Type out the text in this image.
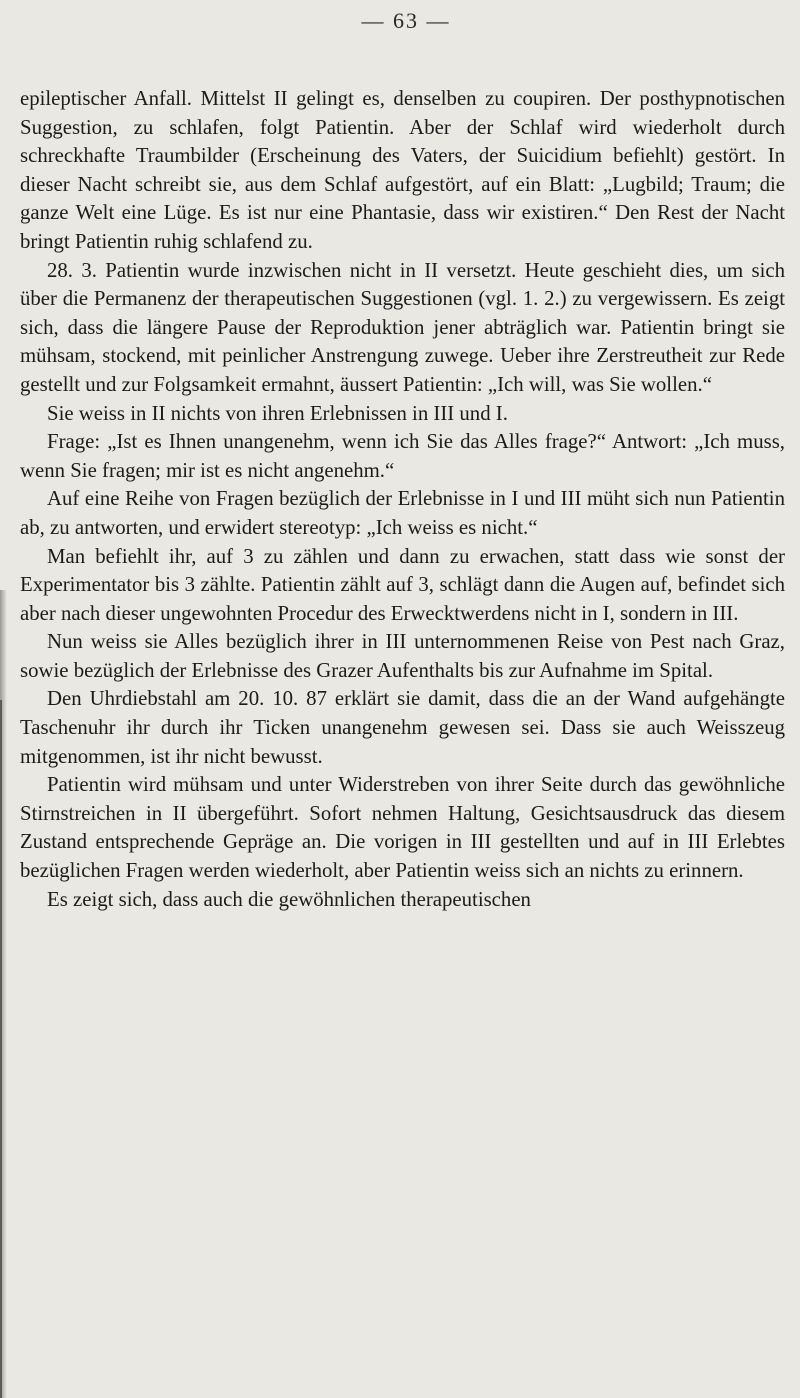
— 63 —

epileptischer Anfall. Mittelst II gelingt es, denselben zu coupiren. Der posthypnotischen Suggestion, zu schlafen, folgt Patientin. Aber der Schlaf wird wiederholt durch schreckhafte Traumbilder (Erscheinung des Vaters, der Suicidium befiehlt) gestört. In dieser Nacht schreibt sie, aus dem Schlaf aufgestört, auf ein Blatt: „Lugbild; Traum; die ganze Welt eine Lüge. Es ist nur eine Phantasie, dass wir existiren.“ Den Rest der Nacht bringt Patientin ruhig schlafend zu.

28. 3. Patientin wurde inzwischen nicht in II versetzt. Heute geschieht dies, um sich über die Permanenz der therapeutischen Suggestionen (vgl. 1. 2.) zu vergewissern. Es zeigt sich, dass die längere Pause der Reproduktion jener abträglich war. Patientin bringt sie mühsam, stockend, mit peinlicher Anstrengung zuwege. Ueber ihre Zerstreutheit zur Rede gestellt und zur Folgsamkeit ermahnt, äussert Patientin: „Ich will, was Sie wollen.“

Sie weiss in II nichts von ihren Erlebnissen in III und I.

Frage: „Ist es Ihnen unangenehm, wenn ich Sie das Alles frage?“ Antwort: „Ich muss, wenn Sie fragen; mir ist es nicht angenehm.“

Auf eine Reihe von Fragen bezüglich der Erlebnisse in I und III müht sich nun Patientin ab, zu antworten, und erwidert stereotyp: „Ich weiss es nicht.“

Man befiehlt ihr, auf 3 zu zählen und dann zu erwachen, statt dass wie sonst der Experimentator bis 3 zählte. Patientin zählt auf 3, schlägt dann die Augen auf, befindet sich aber nach dieser ungewohnten Procedur des Erwecktwerdens nicht in I, sondern in III.

Nun weiss sie Alles bezüglich ihrer in III unternommenen Reise von Pest nach Graz, sowie bezüglich der Erlebnisse des Grazer Aufenthalts bis zur Aufnahme im Spital.

Den Uhrdiebstahl am 20. 10. 87 erklärt sie damit, dass die an der Wand aufgehängte Taschenuhr ihr durch ihr Ticken unangenehm gewesen sei. Dass sie auch Weisszeug mitgenommen, ist ihr nicht bewusst.

Patientin wird mühsam und unter Widerstreben von ihrer Seite durch das gewöhnliche Stirnstreichen in II übergeführt. Sofort nehmen Haltung, Gesichtsausdruck das diesem Zustand entsprechende Gepräge an. Die vorigen in III gestellten und auf in III Erlebtes bezüglichen Fragen werden wiederholt, aber Patientin weiss sich an nichts zu erinnern.

Es zeigt sich, dass auch die gewöhnlichen therapeutischen
